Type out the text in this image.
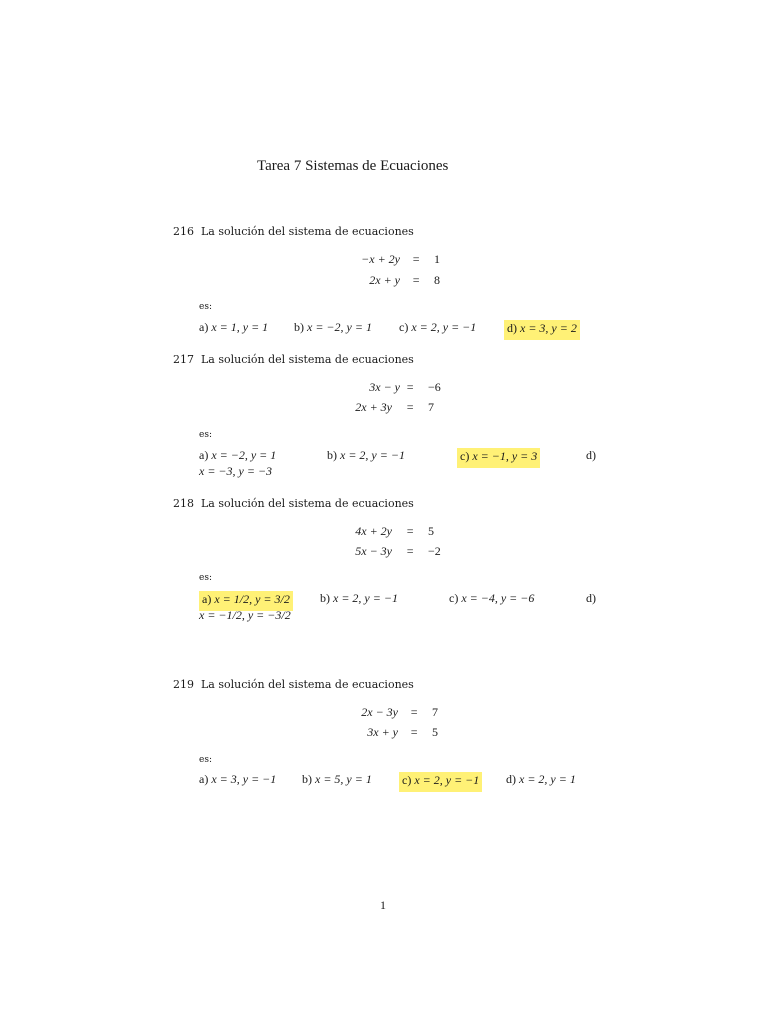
Tarea 7 Sistemas de Ecuaciones
216 La solución del sistema de ecuaciones
−x + 2y = 1
2x + y = 8
es:
a) x = 1, y = 1 b) x = −2, y = 1 c) x = 2, y = −1	d) x = 3, y = 2
217 La solución del sistema de ecuaciones
3x − y = −6
2x + 3y = 7
es:
a) x = −2, y = 1	b) x = 2, y = −1	c) x = −1, y = 3	d)
x = −3, y = −3
218 La solución del sistema de ecuaciones
4x + 2y = 5
5x − 3y = −2
es:
a) x = 1/2, y = 3/2	b) x = 2, y = −1	c) x = −4, y = −6	d)
x = −1/2, y = −3/2
219 La solución del sistema de ecuaciones
2x − 3y = 7
3x + y = 5
es:
a) x = 3, y = −1 b) x = 5, y = 1	c) x = 2, y = −1 d) x = 2, y = 1
1
